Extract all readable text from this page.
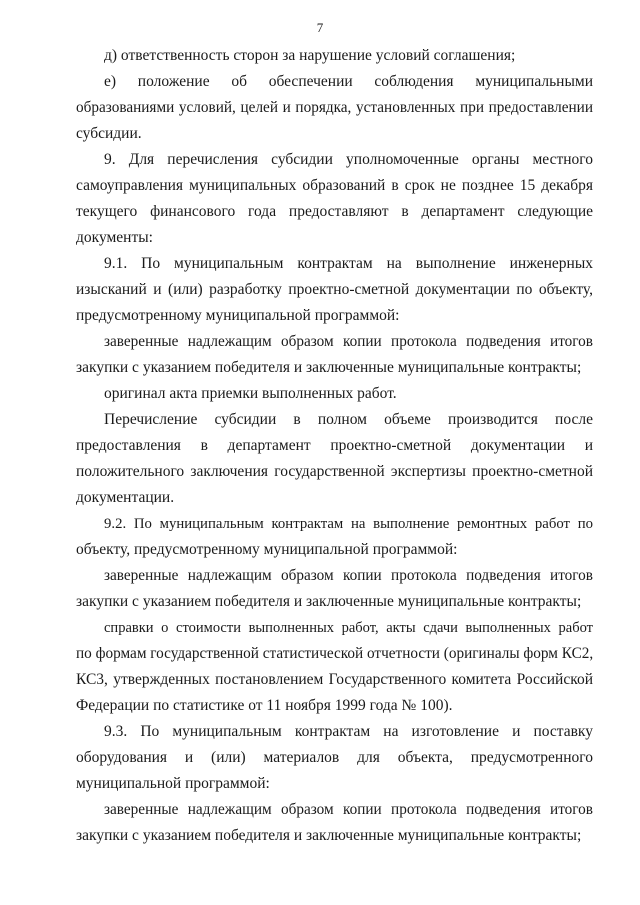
7

д) ответственность сторон за нарушение условий соглашения;

е) положение об обеспечении соблюдения муниципальными
образованиями условий, целей и порядка, установленных при предоставлении
субсидии.

9. Для перечисления субсидии уполномоченные органы местного
самоуправления муниципальных образований в срок не позднее 15 декабря
текущего финансового года предоставляют в департамент следующие
документы:

9.1. По муниципальным контрактам на выполнение инженерных
изысканий и (или) разработку проектно-сметной документации по объекту,
предусмотренному муниципальной программой:

заверенные надлежащим образом копии протокола подведения итогов
закупки с указанием победителя и заключенные муниципальные контракты;

оригинал акта приемки выполненных работ.

Перечисление субсидии в полном объеме производится после
предоставления в департамент проектно-сметной документации и
положительного заключения государственной экспертизы проектно-сметной
документации.

9.2. По муниципальным контрактам на выполнение ремонтных работ по
объекту, предусмотренному муниципальной программой:

заверенные надлежащим образом копии протокола подведения итогов
закупки с указанием победителя и заключенные муниципальные контракты;

справки о стоимости выполненных работ, акты сдачи выполненных работ
по формам государственной статистической отчетности (оригиналы форм КС2,
КС3, утвержденных постановлением Государственного комитета Российской
Федерации по статистике от 11 ноября 1999 года № 100).

9.3. По муниципальным контрактам на изготовление и поставку
оборудования и (или) материалов для объекта, предусмотренного
муниципальной программой:

заверенные надлежащим образом копии протокола подведения итогов
закупки с указанием победителя и заключенные муниципальные контракты;
